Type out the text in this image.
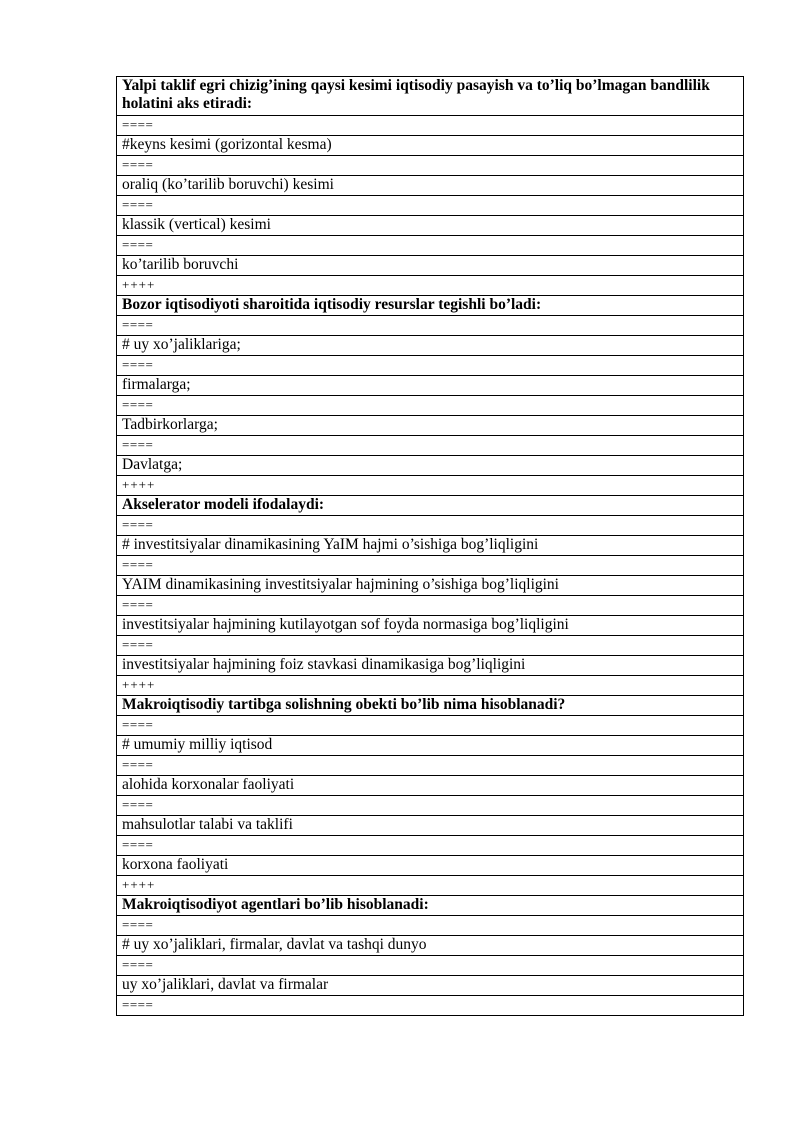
Yalpi taklif egri chizig’ining qaysi kesimi iqtisodiy pasayish va to’liq bo’lmagan bandlilik holatini aks etiradi:
====
#keyns kesimi (gorizontal kesma)
====
oraliq (ko’tarilib boruvchi) kesimi
====
klassik (vertical) kesimi
====
ko’tarilib boruvchi
++++
Bozor iqtisodiyoti sharoitida iqtisodiy resurslar tegishli bo’ladi:
====
# uy xo’jaliklariga;
====
firmalarga;
====
Tadbirkorlarga;
====
Davlatga;
++++
Akselerator modeli ifodalaydi:
====
# investitsiyalar dinamikasining YaIM hajmi o’sishiga bog’liqligini
====
YAIM dinamikasining investitsiyalar hajmining o’sishiga bog’liqligini
====
investitsiyalar hajmining kutilayotgan sof foyda normasiga bog’liqligini
====
investitsiyalar hajmining foiz stavkasi dinamikasiga bog’liqligini
++++
Makroiqtisodiy tartibga solishning obekti bo’lib nima hisoblanadi?
====
# umumiy milliy iqtisod
====
alohida korxonalar faoliyati
====
mahsulotlar talabi va taklifi
====
korxona faoliyati
++++
Makroiqtisodiyot agentlari bo’lib hisoblanadi:
====
# uy xo’jaliklari, firmalar, davlat va tashqi dunyo
====
uy xo’jaliklari, davlat va firmalar
====
